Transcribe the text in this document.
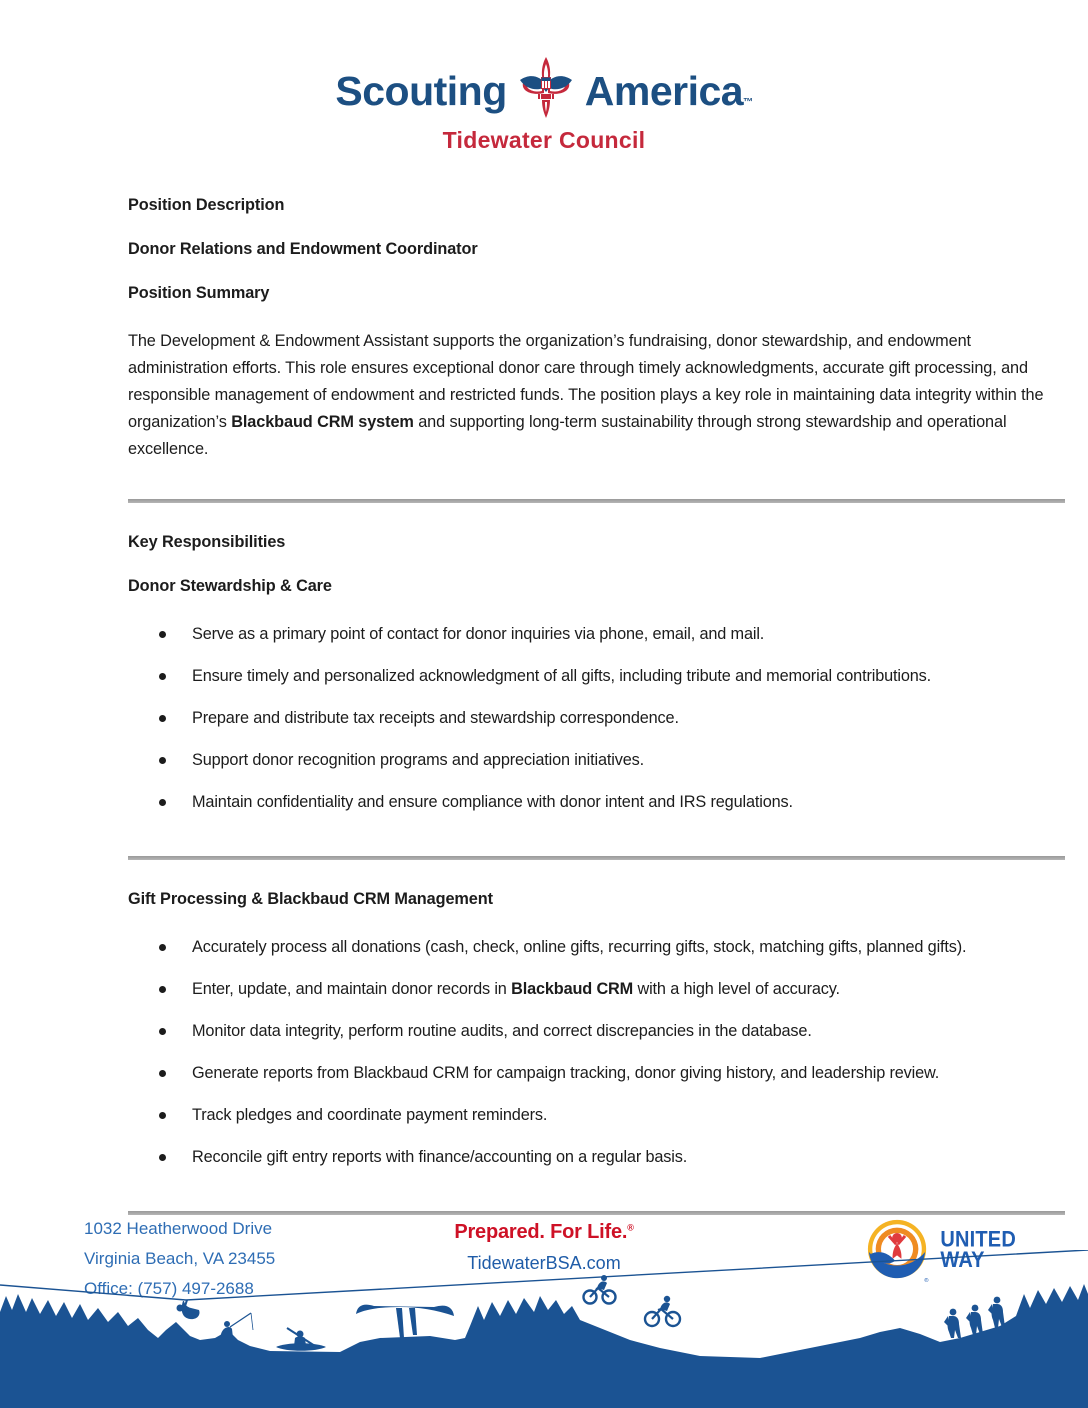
Scouting America™
Tidewater Council
Position Description
Donor Relations and Endowment Coordinator
Position Summary

The Development & Endowment Assistant supports the organization’s fundraising, donor stewardship, and endowment administration efforts. This role ensures exceptional donor care through timely acknowledgments, accurate gift processing, and responsible management of endowment and restricted funds. The position plays a key role in maintaining data integrity within the organization’s Blackbaud CRM system and supporting long-term sustainability through strong stewardship and operational excellence.

Key Responsibilities
Donor Stewardship & Care
Serve as a primary point of contact for donor inquiries via phone, email, and mail.
Ensure timely and personalized acknowledgment of all gifts, including tribute and memorial contributions.
Prepare and distribute tax receipts and stewardship correspondence.
Support donor recognition programs and appreciation initiatives.
Maintain confidentiality and ensure compliance with donor intent and IRS regulations.
Gift Processing & Blackbaud CRM Management
Accurately process all donations (cash, check, online gifts, recurring gifts, stock, matching gifts, planned gifts).
Enter, update, and maintain donor records in Blackbaud CRM with a high level of accuracy.
Monitor data integrity, perform routine audits, and correct discrepancies in the database.
Generate reports from Blackbaud CRM for campaign tracking, donor giving history, and leadership review.
Track pledges and coordinate payment reminders.
Reconcile gift entry reports with finance/accounting on a regular basis.
1032 Heatherwood Drive
Virginia Beach, VA 23455
Office: (757) 497-2688
Prepared. For Life.®
TidewaterBSA.com
®
UNITED
WAY
